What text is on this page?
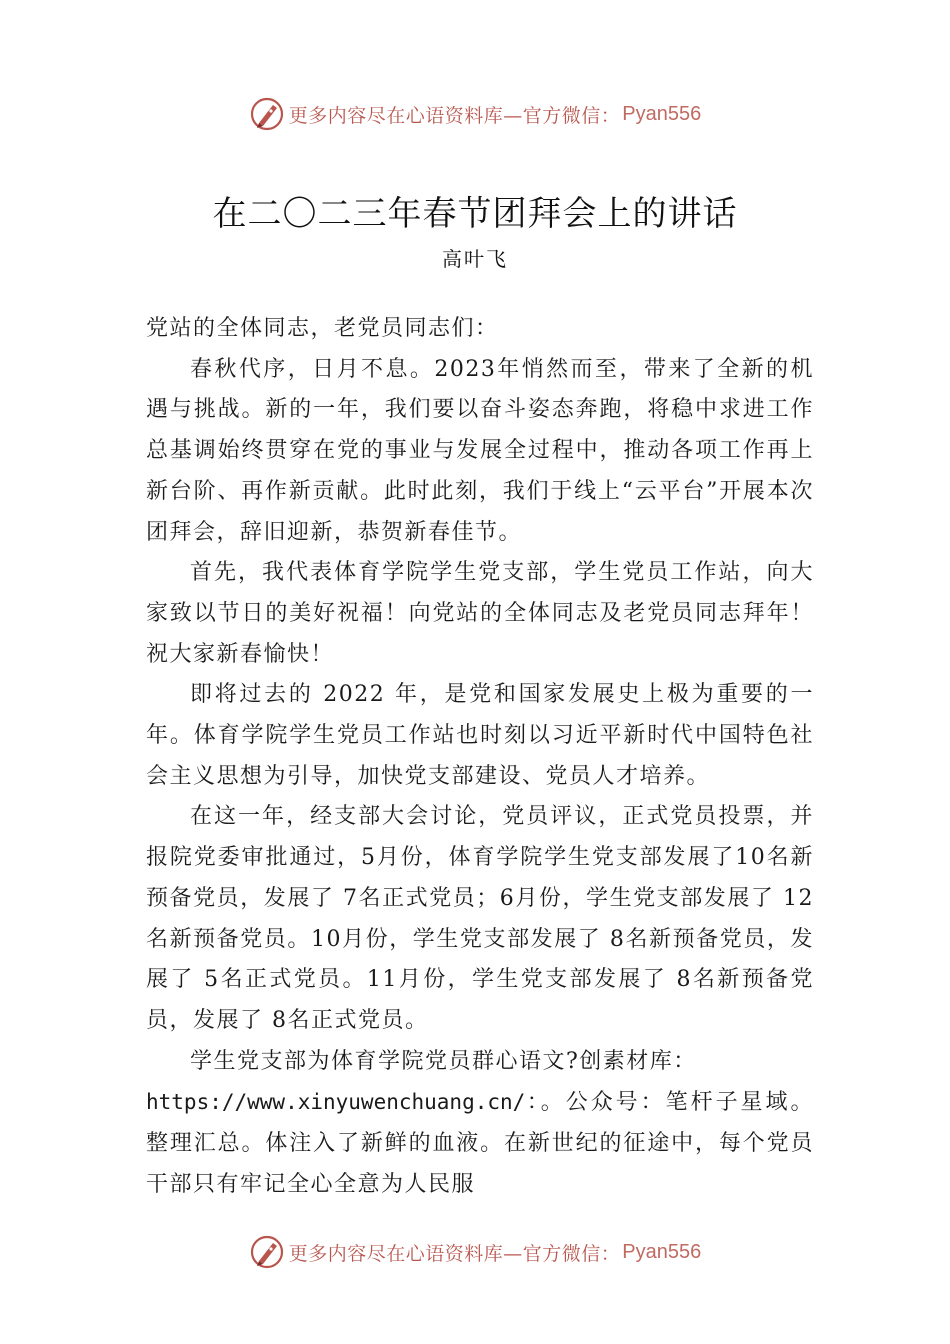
更多内容尽在心语资料库—官方微信： Pyan556
在二〇二三年春节团拜会上的讲话
高叶飞

党站的全体同志，老党员同志们：

春秋代序，日月不息。2023年悄然而至，带来了全新的机遇与挑战。新的一年，我们要以奋斗姿态奔跑，将稳中求进工作总基调始终贯穿在党的事业与发展全过程中，推动各项工作再上新台阶、再作新贡献。此时此刻，我们于线上“云平台”开展本次团拜会，辞旧迎新，恭贺新春佳节。

首先，我代表体育学院学生党支部，学生党员工作站，向大家致以节日的美好祝福！向党站的全体同志及老党员同志拜年！祝大家新春愉快！

即将过去的 2022 年，是党和国家发展史上极为重要的一年。体育学院学生党员工作站也时刻以习近平新时代中国特色社会主义思想为引导，加快党支部建设、党员人才培养。

在这一年，经支部大会讨论，党员评议，正式党员投票，并报院党委审批通过，5月份，体育学院学生党支部发展了10名新预备党员，发展了 7名正式党员；6月份，学生党支部发展了 12名新预备党员。10月份，学生党支部发展了 8名新预备党员，发展了 5名正式党员。11月份，学生党支部发展了 8名新预备党员，发展了 8名正式党员。

学生党支部为体育学院党员群心语文?创素材库：

https://www.xinyuwenchuang.cn/：。公众号：笔杆子星域。整理汇总。体注入了新鲜的血液。在新世纪的征途中，每个党员干部只有牢记全心全意为人民服

更多内容尽在心语资料库—官方微信： Pyan556
